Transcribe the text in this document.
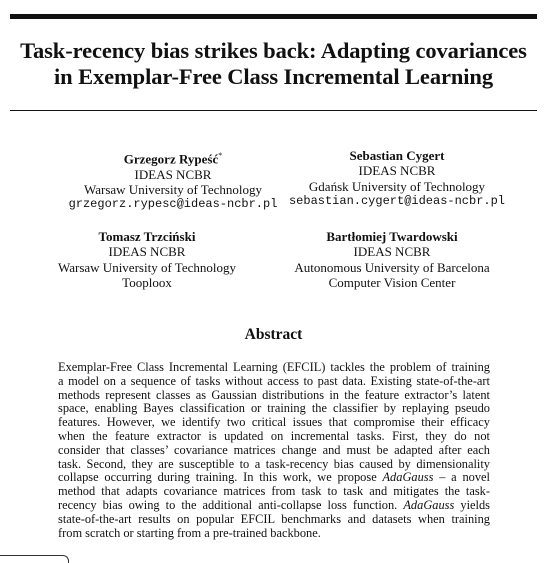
Task-recency bias strikes back: Adapting covariances
in Exemplar-Free Class Incremental Learning
Grzegorz Rypeść*
IDEAS NCBR
Warsaw University of Technology
grzegorz.rypesc@ideas-ncbr.pl
Sebastian Cygert
IDEAS NCBR
Gdańsk University of Technology
sebastian.cygert@ideas-ncbr.pl
Tomasz Trzciński
IDEAS NCBR
Warsaw University of Technology
Tooploox
Bartłomiej Twardowski
IDEAS NCBR
Autonomous University of Barcelona
Computer Vision Center
Abstract
Exemplar-Free Class Incremental Learning (EFCIL) tackles the problem of training
a model on a sequence of tasks without access to past data. Existing state-of-the-art
methods represent classes as Gaussian distributions in the feature extractor’s latent
space, enabling Bayes classification or training the classifier by replaying pseudo
features. However, we identify two critical issues that compromise their efficacy
when the feature extractor is updated on incremental tasks. First, they do not
consider that classes’ covariance matrices change and must be adapted after each
task. Second, they are susceptible to a task-recency bias caused by dimensionality
collapse occurring during training. In this work, we propose AdaGauss – a novel
method that adapts covariance matrices from task to task and mitigates the task-
recency bias owing to the additional anti-collapse loss function. AdaGauss yields
state-of-the-art results on popular EFCIL benchmarks and datasets when training
from scratch or starting from a pre-trained backbone.
